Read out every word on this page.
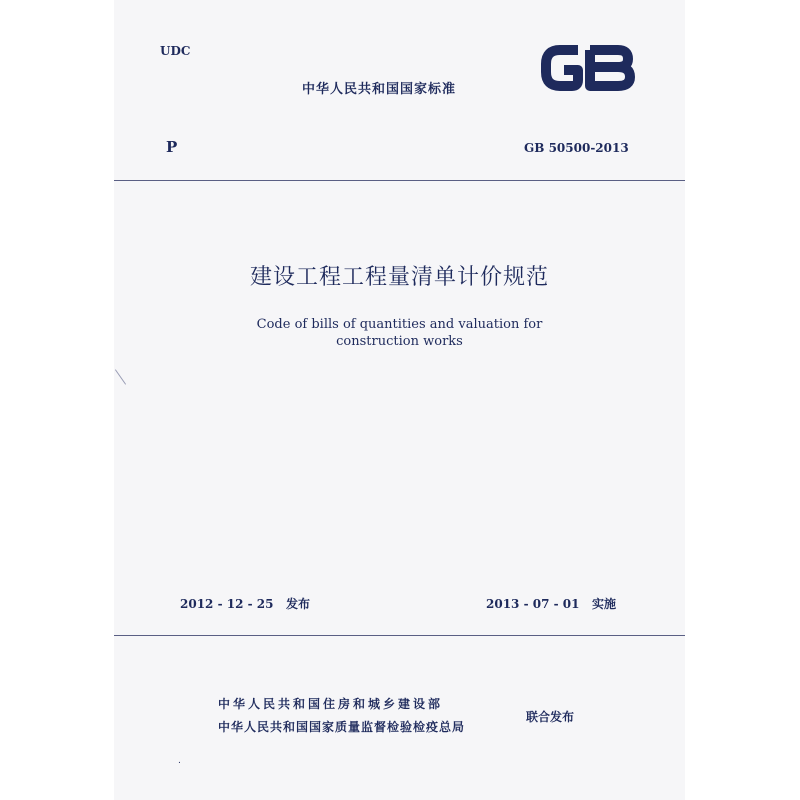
UDC
中华人民共和国国家标准
P	GB 50500-2013
建设工程工程量清单计价规范
Code of bills of quantities and valuation for
construction works
2012 - 12 - 25 发布	2013 - 07 - 01 实施
中华人民共和国住房和城乡建设部
中华人民共和国国家质量监督检验检疫总局
联合发布
.
